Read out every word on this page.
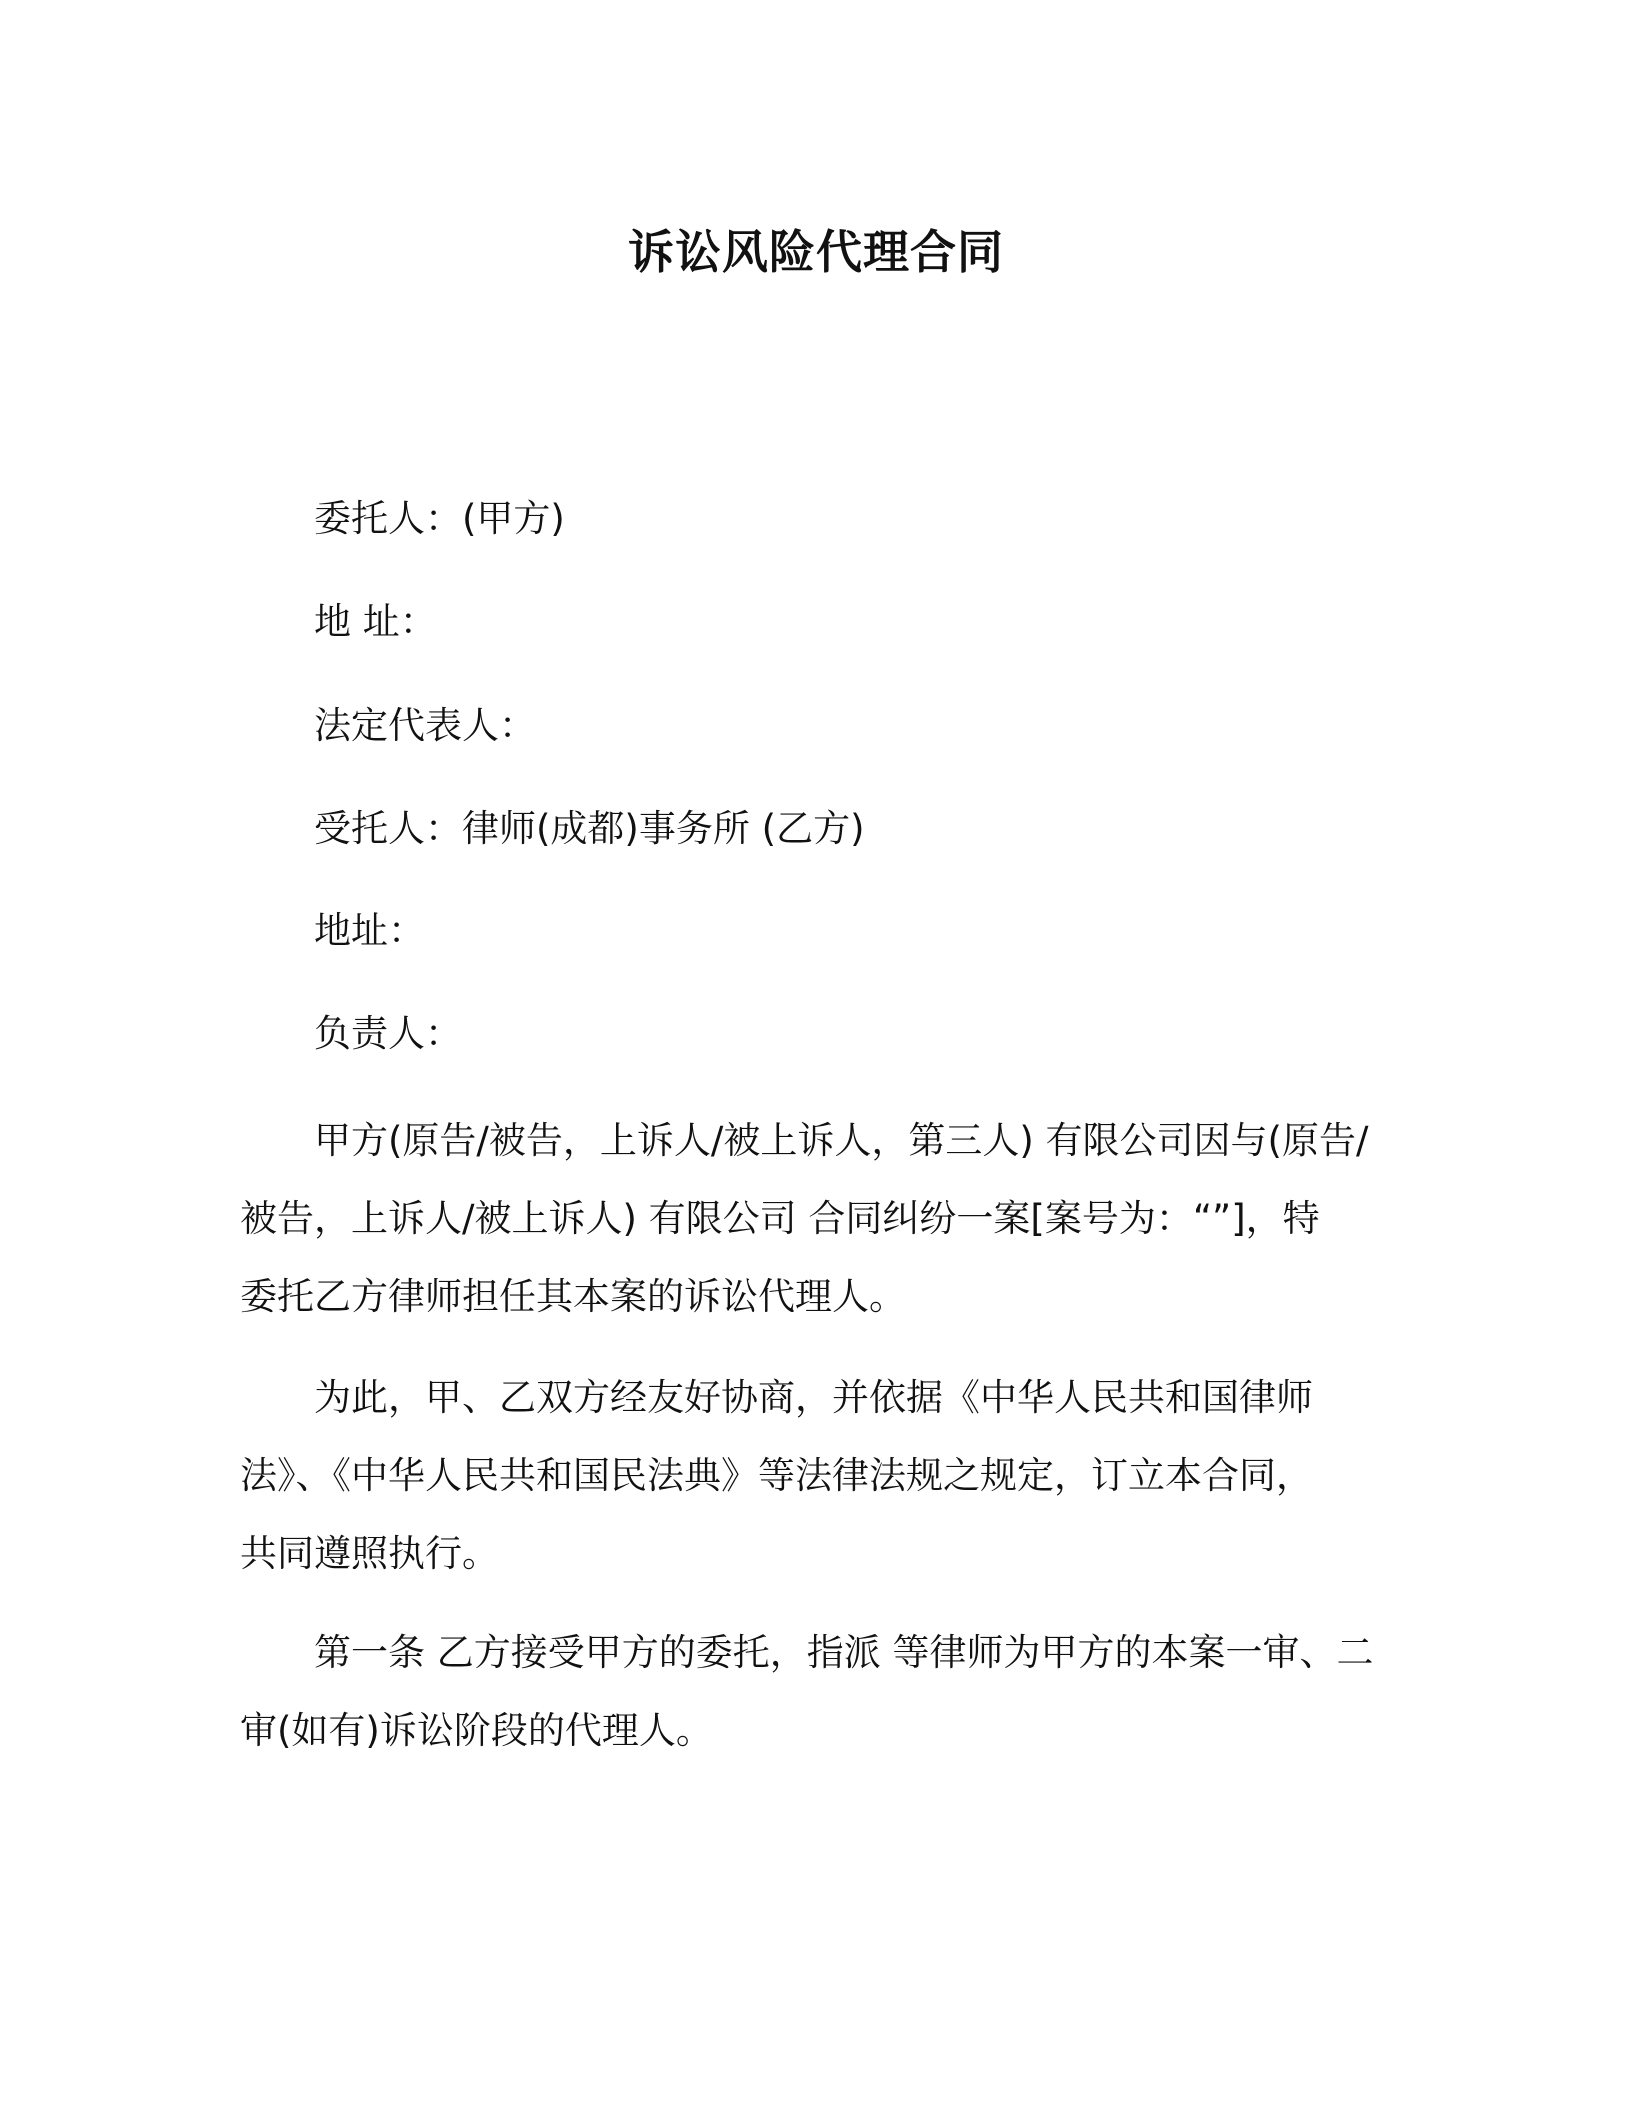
诉讼风险代理合同
委托人：(甲方)
地 址：
法定代表人：
受托人：律师(成都)事务所 (乙方)
地址：
负责人：
甲方(原告/被告，上诉人/被上诉人，第三人) 有限公司因与(原告/
被告，上诉人/被上诉人) 有限公司 合同纠纷一案[案号为：“”]，特
委托乙方律师担任其本案的诉讼代理人。
为此，甲、乙双方经友好协商，并依据《中华人民共和国律师
法》、《中华人民共和国民法典》等法律法规之规定，订立本合同，
共同遵照执行。
第一条 乙方接受甲方的委托，指派 等律师为甲方的本案一审、二
审(如有)诉讼阶段的代理人。
